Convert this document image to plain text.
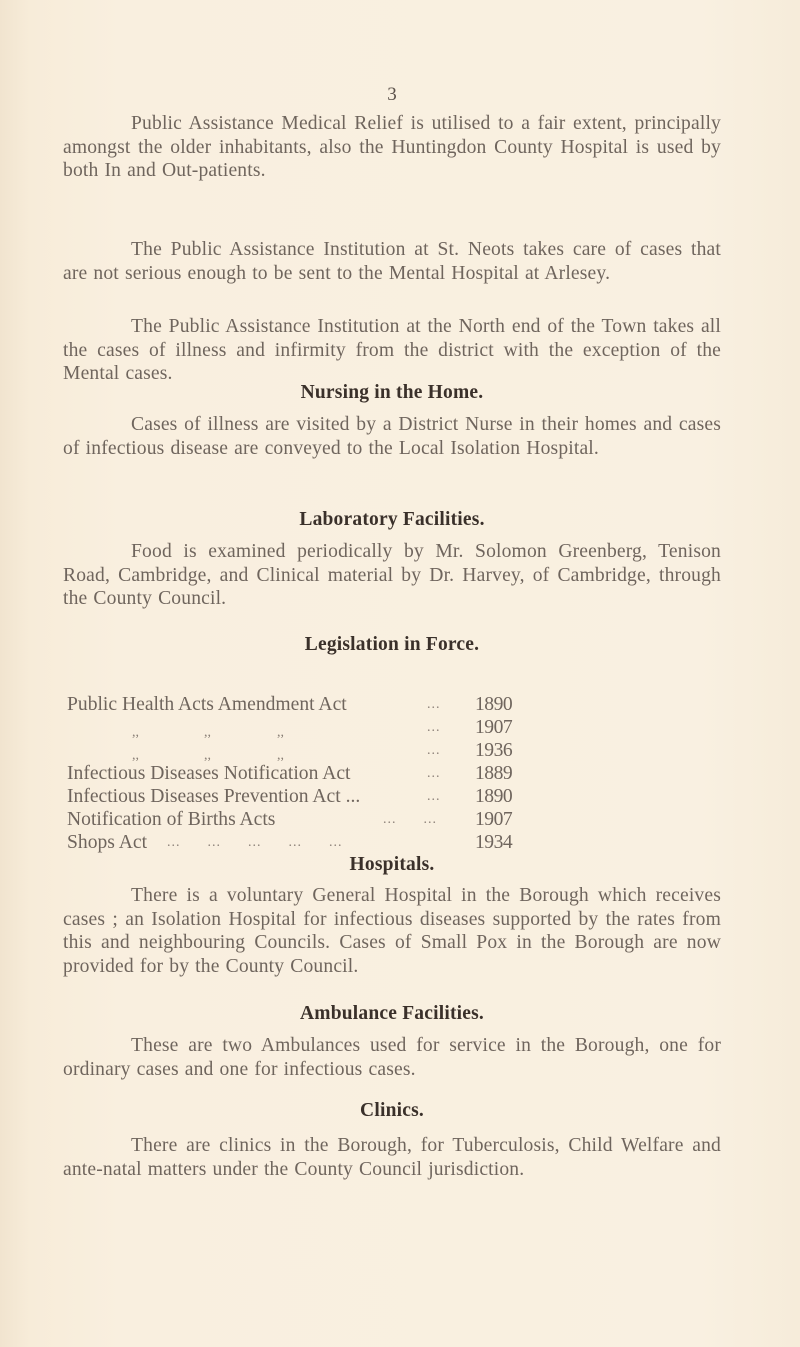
3

Public Assistance Medical Relief is utilised to a fair extent, principally amongst the older inhabitants, also the Huntingdon County Hospital is used by both In and Out-patients.

The Public Assistance Institution at St. Neots takes care of cases that are not serious enough to be sent to the Mental Hospital at Arlesey.

The Public Assistance Institution at the North end of the Town takes all the cases of illness and infirmity from the district with the exception of the Mental cases.

Nursing in the Home.

Cases of illness are visited by a District Nurse in their homes and cases of infectious disease are conveyed to the Local Isolation Hospital.

Laboratory Facilities.

Food is examined periodically by Mr. Solomon Greenberg, Tenison Road, Cambridge, and Clinical material by Dr. Harvey, of Cambridge, through the County Council.

Legislation in Force.
Public Health Acts Amendment Act	... 1890
,,	,,	,,	... 1907
,,	,,	,,	... 1936
Infectious Diseases Notification Act	... 1889
Infectious Diseases Prevention Act ...	... 1890
Notification of Births Acts	...      ... 1907
Shops Act ...      ...      ...      ...      ...	1934
Hospitals.

There is a voluntary General Hospital in the Borough which receives cases ; an Isolation Hospital for infectious diseases supported by the rates from this and neighbouring Councils. Cases of Small Pox in the Borough are now provided for by the County Council.

Ambulance Facilities.

These are two Ambulances used for service in the Borough, one for ordinary cases and one for infectious cases.

Clinics.

There are clinics in the Borough, for Tuberculosis, Child Welfare and ante-natal matters under the County Council jurisdiction.
